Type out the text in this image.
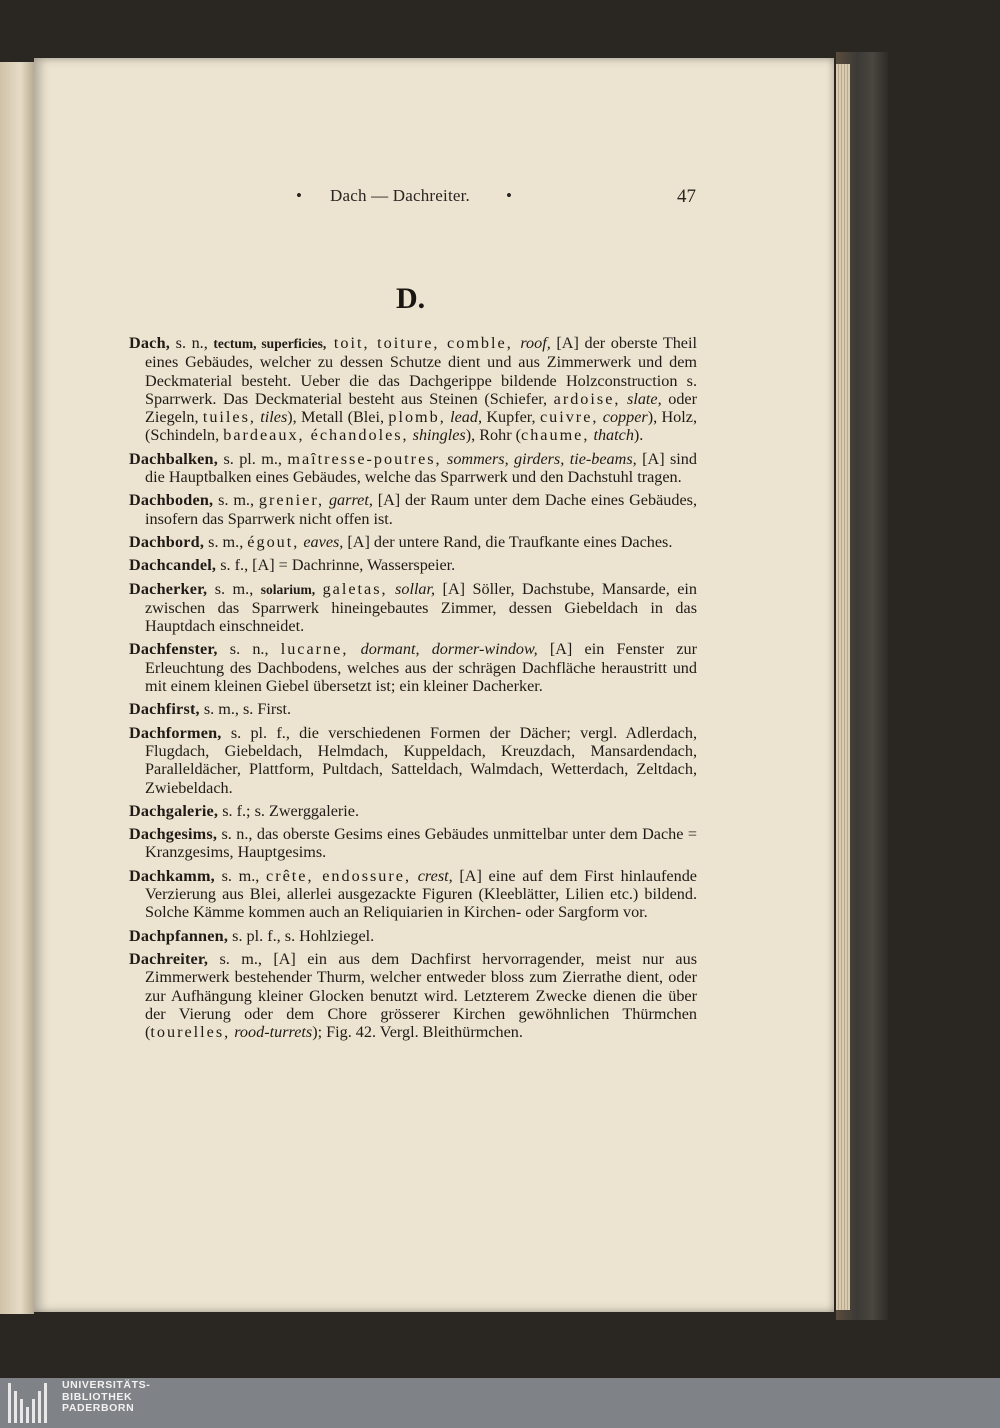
• Dach — Dachreiter. •	47
D.

Dach, s. n., tectum, superficies, toit, toiture, comble, roof, [A] der oberste Theil eines Gebäudes, welcher zu dessen Schutze dient und aus Zimmerwerk und dem Deckmaterial besteht. Ueber die das Dachgerippe bildende Holzconstruction s. Sparrwerk. Das Deckmaterial besteht aus Steinen (Schiefer, ardoise, slate, oder Ziegeln, tuiles, tiles), Metall (Blei, plomb, lead, Kupfer, cuivre, copper), Holz, (Schindeln, bardeaux, échandoles, shingles), Rohr (chaume, thatch).

Dachbalken, s. pl. m., maîtresse-poutres, sommers, girders, tie-beams, [A] sind die Hauptbalken eines Gebäudes, welche das Sparrwerk und den Dachstuhl tragen.

Dachboden, s. m., grenier, garret, [A] der Raum unter dem Dache eines Gebäudes, insofern das Sparrwerk nicht offen ist.

Dachbord, s. m., égout, eaves, [A] der untere Rand, die Traufkante eines Daches.

Dachcandel, s. f., [A] = Dachrinne, Wasserspeier.

Dacherker, s. m., solarium, galetas, sollar, [A] Söller, Dachstube, Mansarde, ein zwischen das Sparrwerk hineingebautes Zimmer, dessen Giebeldach in das Hauptdach einschneidet.

Dachfenster, s. n., lucarne, dormant, dormer-window, [A] ein Fenster zur Erleuchtung des Dachbodens, welches aus der schrägen Dachfläche heraustritt und mit einem kleinen Giebel übersetzt ist; ein kleiner Dacherker.

Dachfirst, s. m., s. First.

Dachformen, s. pl. f., die verschiedenen Formen der Dächer; vergl. Adlerdach, Flugdach, Giebeldach, Helmdach, Kuppeldach, Kreuzdach, Mansardendach, Paralleldächer, Plattform, Pultdach, Satteldach, Walmdach, Wetterdach, Zeltdach, Zwiebeldach.

Dachgalerie, s. f.; s. Zwerggalerie.

Dachgesims, s. n., das oberste Gesims eines Gebäudes unmittelbar unter dem Dache = Kranzgesims, Hauptgesims.

Dachkamm, s. m., crête, endossure, crest, [A] eine auf dem First hinlaufende Verzierung aus Blei, allerlei ausgezackte Figuren (Kleeblätter, Lilien etc.) bildend. Solche Kämme kommen auch an Reliquiarien in Kirchen- oder Sargform vor.

Dachpfannen, s. pl. f., s. Hohlziegel.

Dachreiter, s. m., [A] ein aus dem Dachfirst hervorragender, meist nur aus Zimmerwerk bestehender Thurm, welcher entweder bloss zum Zierrathe dient, oder zur Aufhängung kleiner Glocken benutzt wird. Letzterem Zwecke dienen die über der Vierung oder dem Chore grösserer Kirchen gewöhnlichen Thürmchen (tourelles, rood-turrets); Fig. 42. Vergl. Bleithürmchen.

UNIVERSITÄTS-
BIBLIOTHEK
PADERBORN
